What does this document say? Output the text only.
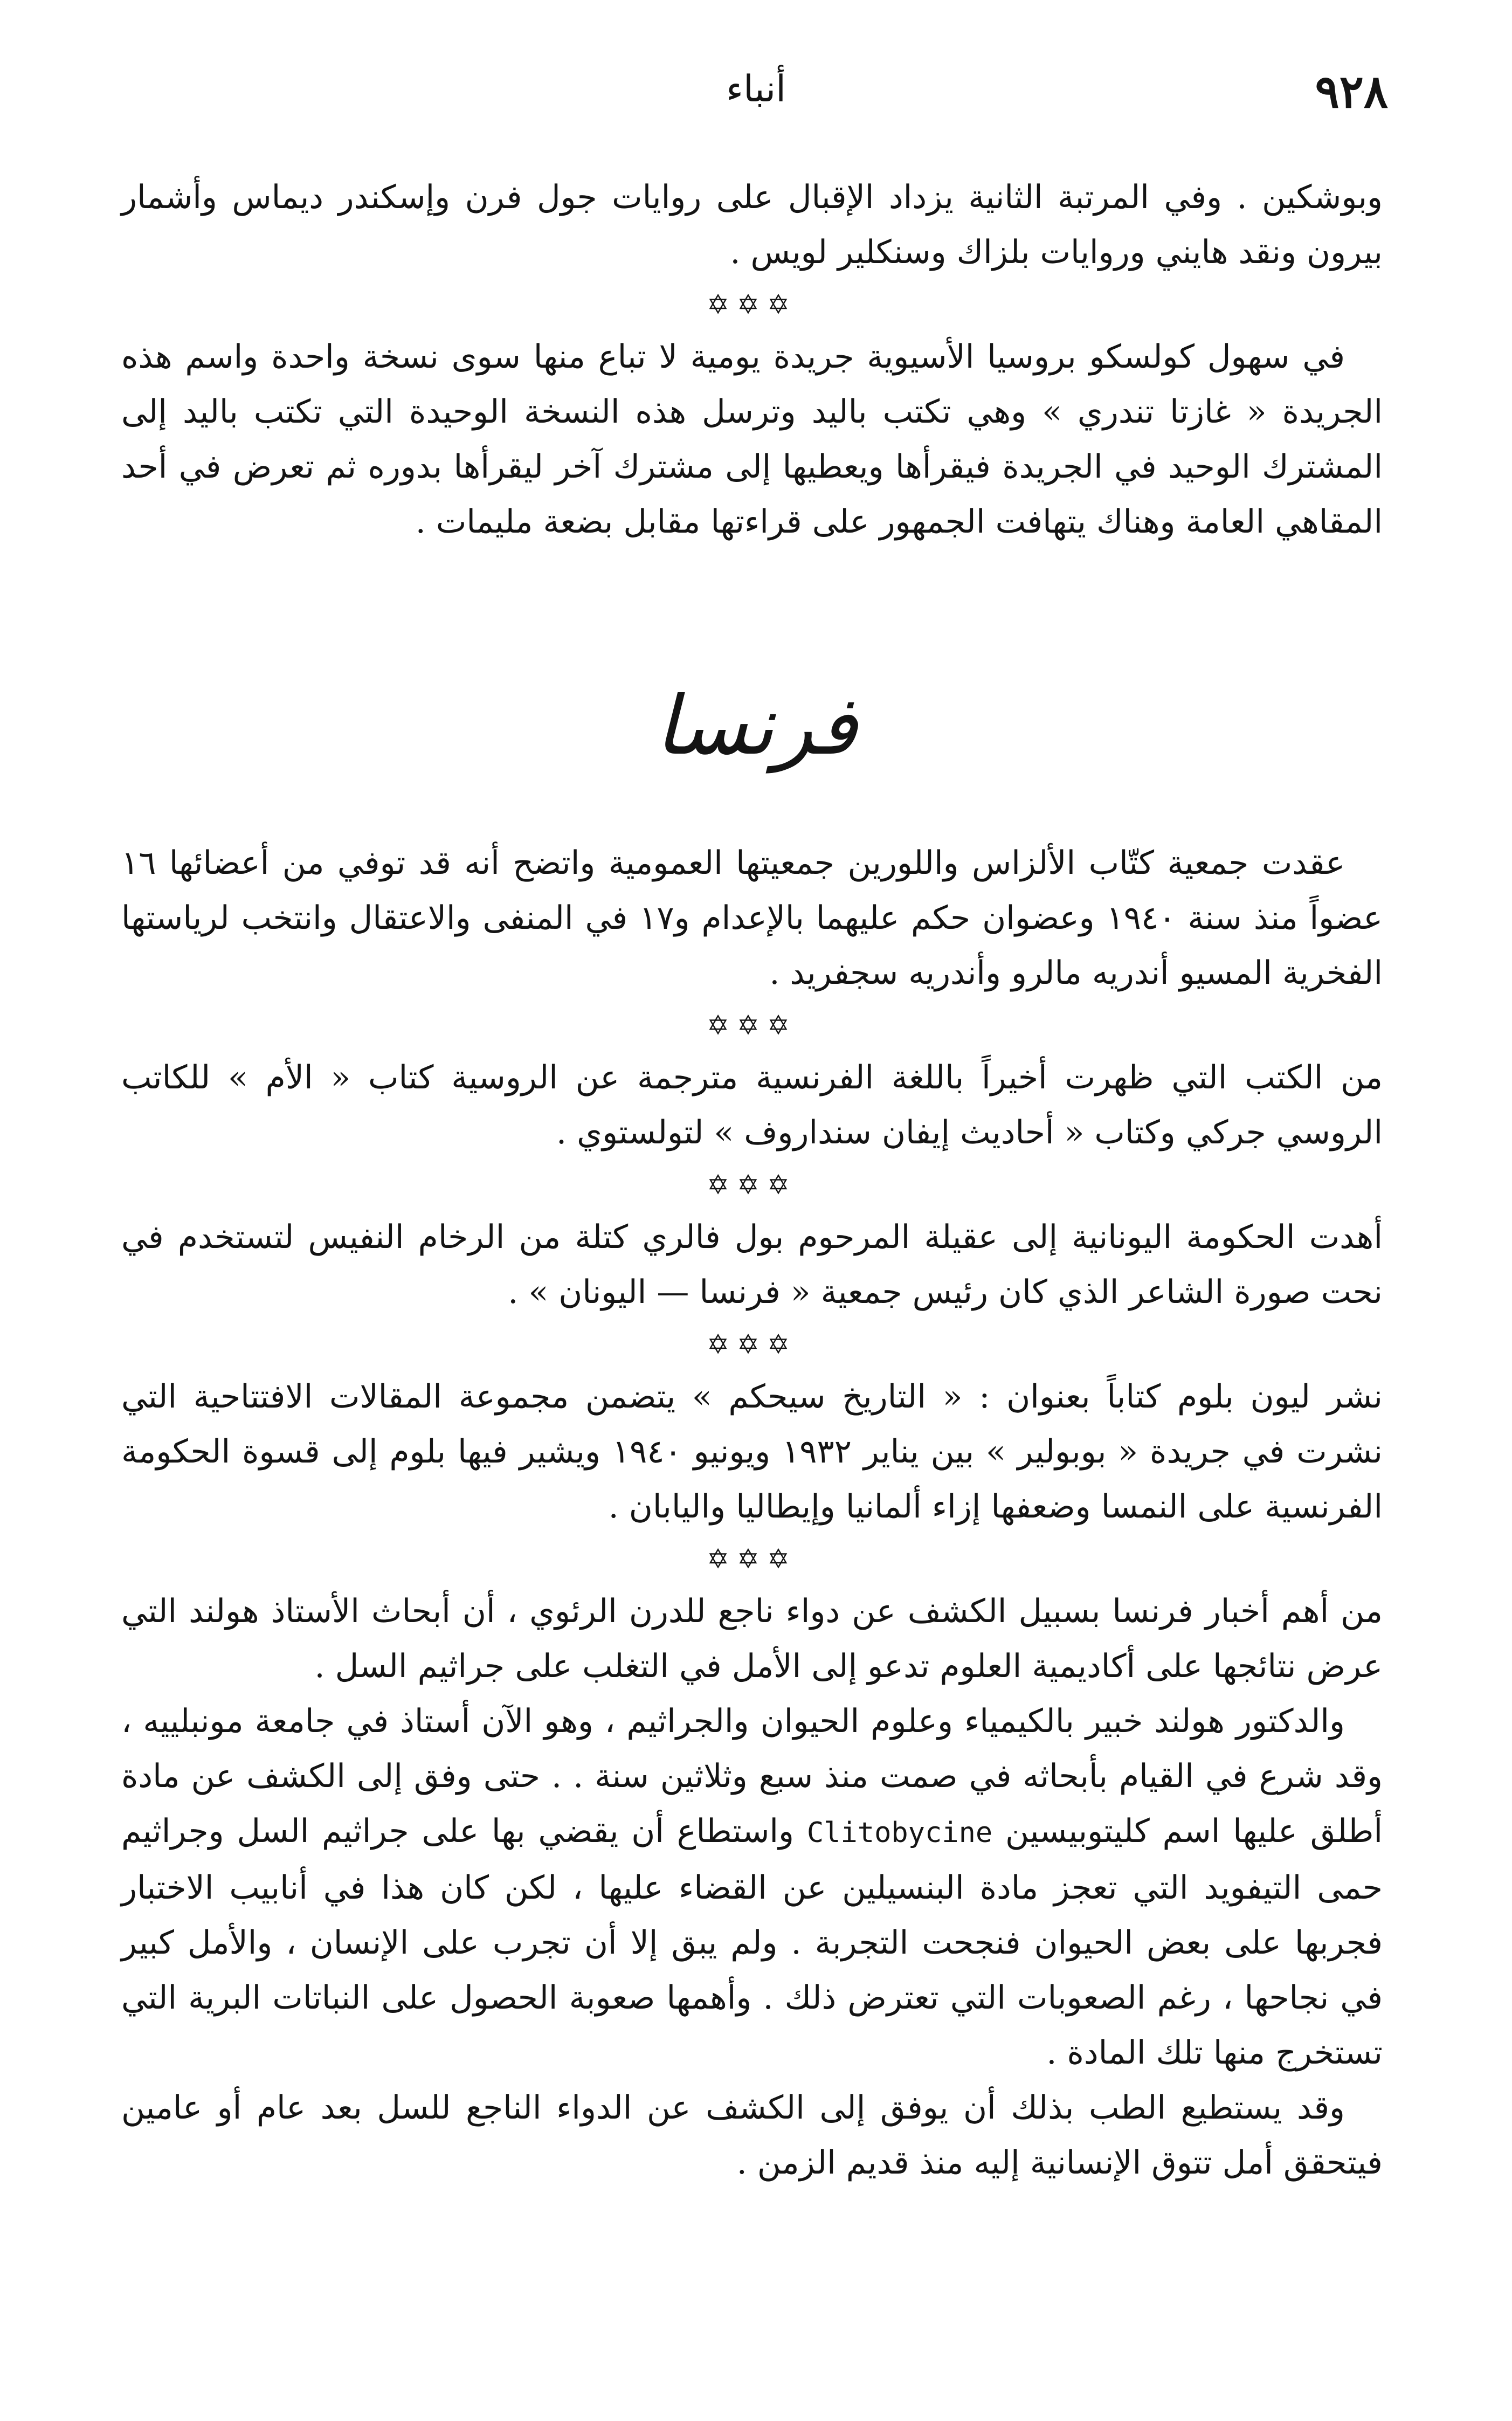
٩٢٨
أنباء

وبوشكين . وفي المرتبة الثانية يزداد الإقبال على روايات جول فرن وإسكندر ديماس وأشمار بيرون ونقد هايني وروايات بلزاك وسنكلير لويس .

✡✡✡

في سهول كولسكو بروسيا الأسيوية جريدة يومية لا تباع منها سوى نسخة واحدة واسم هذه الجريدة « غازتا تندري » وهي تكتب باليد وترسل هذه النسخة الوحيدة التي تكتب باليد إلى المشترك الوحيد في الجريدة فيقرأها ويعطيها إلى مشترك آخر ليقرأها بدوره ثم تعرض في أحد المقاهي العامة وهناك يتهافت الجمهور على قراءتها مقابل بضعة مليمات .

فرنسا

عقدت جمعية كتّاب الألزاس واللورين جمعيتها العمومية واتضح أنه قد توفي من أعضائها ١٦ عضواً منذ سنة ١٩٤٠ وعضوان حكم عليهما بالإعدام و١٧ في المنفى والاعتقال وانتخب لرياستها الفخرية المسيو أندريه مالرو وأندريه سجفريد .

✡✡✡

من الكتب التي ظهرت أخيراً باللغة الفرنسية مترجمة عن الروسية كتاب « الأم » للكاتب الروسي جركي وكتاب « أحاديث إيفان سنداروف » لتولستوي .

✡✡✡

أهدت الحكومة اليونانية إلى عقيلة المرحوم بول فالري كتلة من الرخام النفيس لتستخدم في نحت صورة الشاعر الذي كان رئيس جمعية « فرنسا — اليونان » .

✡✡✡

نشر ليون بلوم كتاباً بعنوان : « التاريخ سيحكم » يتضمن مجموعة المقالات الافتتاحية التي نشرت في جريدة « بوبولير » بين يناير ١٩٣٢ ويونيو ١٩٤٠ ويشير فيها بلوم إلى قسوة الحكومة الفرنسية على النمسا وضعفها إزاء ألمانيا وإيطاليا واليابان .

✡✡✡

من أهم أخبار فرنسا بسبيل الكشف عن دواء ناجع للدرن الرئوي ، أن أبحاث الأستاذ هولند التي عرض نتائجها على أكاديمية العلوم تدعو إلى الأمل في التغلب على جراثيم السل .

والدكتور هولند خبير بالكيمياء وعلوم الحيوان والجراثيم ، وهو الآن أستاذ في جامعة مونبلييه ، وقد شرع في القيام بأبحاثه في صمت منذ سبع وثلاثين سنة . . حتى وفق إلى الكشف عن مادة أطلق عليها اسم كليتوبيسين Clitobycine واستطاع أن يقضي بها على جراثيم السل وجراثيم حمى التيفويد التي تعجز مادة البنسيلين عن القضاء عليها ، لكن كان هذا في أنابيب الاختبار فجربها على بعض الحيوان فنجحت التجربة . ولم يبق إلا أن تجرب على الإنسان ، والأمل كبير في نجاحها ، رغم الصعوبات التي تعترض ذلك . وأهمها صعوبة الحصول على النباتات البرية التي تستخرج منها تلك المادة .

وقد يستطيع الطب بذلك أن يوفق إلى الكشف عن الدواء الناجع للسل بعد عام أو عامين فيتحقق أمل تتوق الإنسانية إليه منذ قديم الزمن .
